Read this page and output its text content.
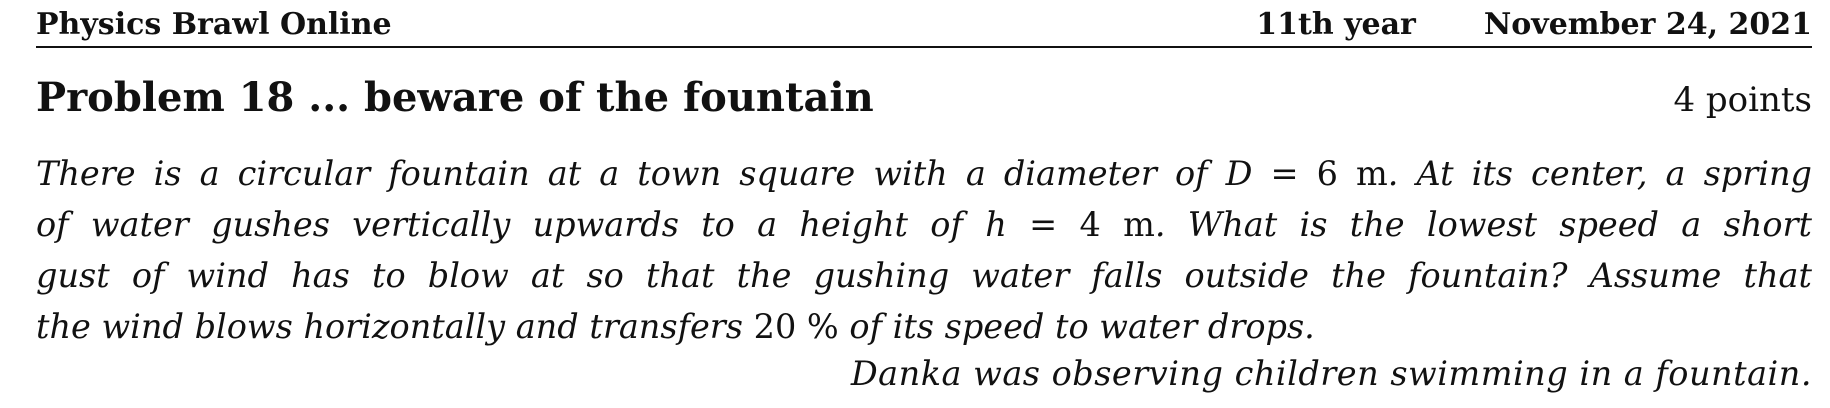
Physics Brawl Online	11th year November 24, 2021
Problem 18 ... beware of the fountain	4 points
There is a circular fountain at a town square with a diameter of D = 6 m. At its center, a spring
of water gushes vertically upwards to a height of h = 4 m. What is the lowest speed a short
gust of wind has to blow at so that the gushing water falls outside the fountain? Assume that
the wind blows horizontally and transfers 20 % of its speed to water drops.
Danka was observing children swimming in a fountain.
